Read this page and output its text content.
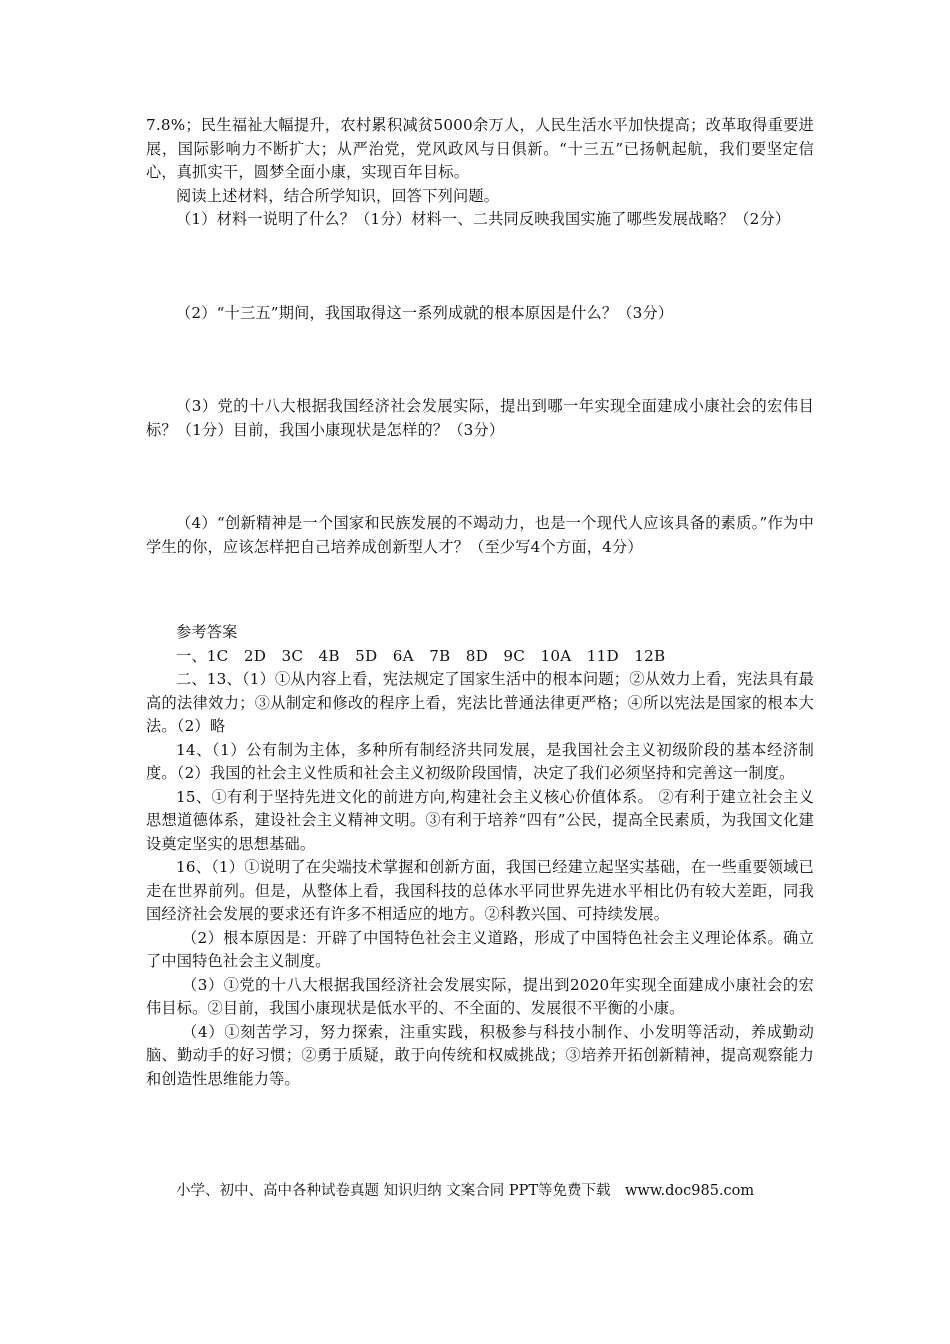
7.8%；民生福祉大幅提升，农村累积减贫5000余万人，人民生活水平加快提高；改革取得重要进展，国际影响力不断扩大；从严治党，党风政风与日俱新。“十三五”已扬帆起航，我们要坚定信心，真抓实干，圆梦全面小康，实现百年目标。

阅读上述材料，结合所学知识，回答下列问题。

（1）材料一说明了什么？（1分）材料一、二共同反映我国实施了哪些发展战略？（2分）

（2）“十三五”期间，我国取得这一系列成就的根本原因是什么？（3分）

（3）党的十八大根据我国经济社会发展实际，提出到哪一年实现全面建成小康社会的宏伟目标？（1分）目前，我国小康现状是怎样的？（3分）

（4）“创新精神是一个国家和民族发展的不竭动力，也是一个现代人应该具备的素质。”作为中学生的你，应该怎样把自己培养成创新型人才？（至少写4个方面，4分）

参考答案

一、1C　2D　3C　4B　5D　6A　7B　8D　9C　10A　11D　12B

二、13、（1）①从内容上看，宪法规定了国家生活中的根本问题；②从效力上看，宪法具有最高的法律效力；③从制定和修改的程序上看，宪法比普通法律更严格；④所以宪法是国家的根本大法。（2）略

14、（1）公有制为主体，多种所有制经济共同发展，是我国社会主义初级阶段的基本经济制度。（2）我国的社会主义性质和社会主义初级阶段国情，决定了我们必须坚持和完善这一制度。

15、①有利于坚持先进文化的前进方向,构建社会主义核心价值体系。 ②有利于建立社会主义思想道德体系，建设社会主义精神文明。③有利于培养“四有”公民，提高全民素质，为我国文化建设奠定坚实的思想基础。

16、（1）①说明了在尖端技术掌握和创新方面，我国已经建立起坚实基础，在一些重要领域已走在世界前列。但是，从整体上看，我国科技的总体水平同世界先进水平相比仍有较大差距，同我国经济社会发展的要求还有许多不相适应的地方。②科教兴国、可持续发展。

（2）根本原因是：开辟了中国特色社会主义道路，形成了中国特色社会主义理论体系。确立了中国特色社会主义制度。

（3）①党的十八大根据我国经济社会发展实际，提出到2020年实现全面建成小康社会的宏伟目标。②目前，我国小康现状是低水平的、不全面的、发展很不平衡的小康。

（4）①刻苦学习，努力探索，注重实践，积极参与科技小制作、小发明等活动，养成勤动脑、勤动手的好习惯；②勇于质疑，敢于向传统和权威挑战；③培养开拓创新精神，提高观察能力和创造性思维能力等。

小学、初中、高中各种试卷真题 知识归纳 文案合同 PPT等免费下载　www.doc985.com
